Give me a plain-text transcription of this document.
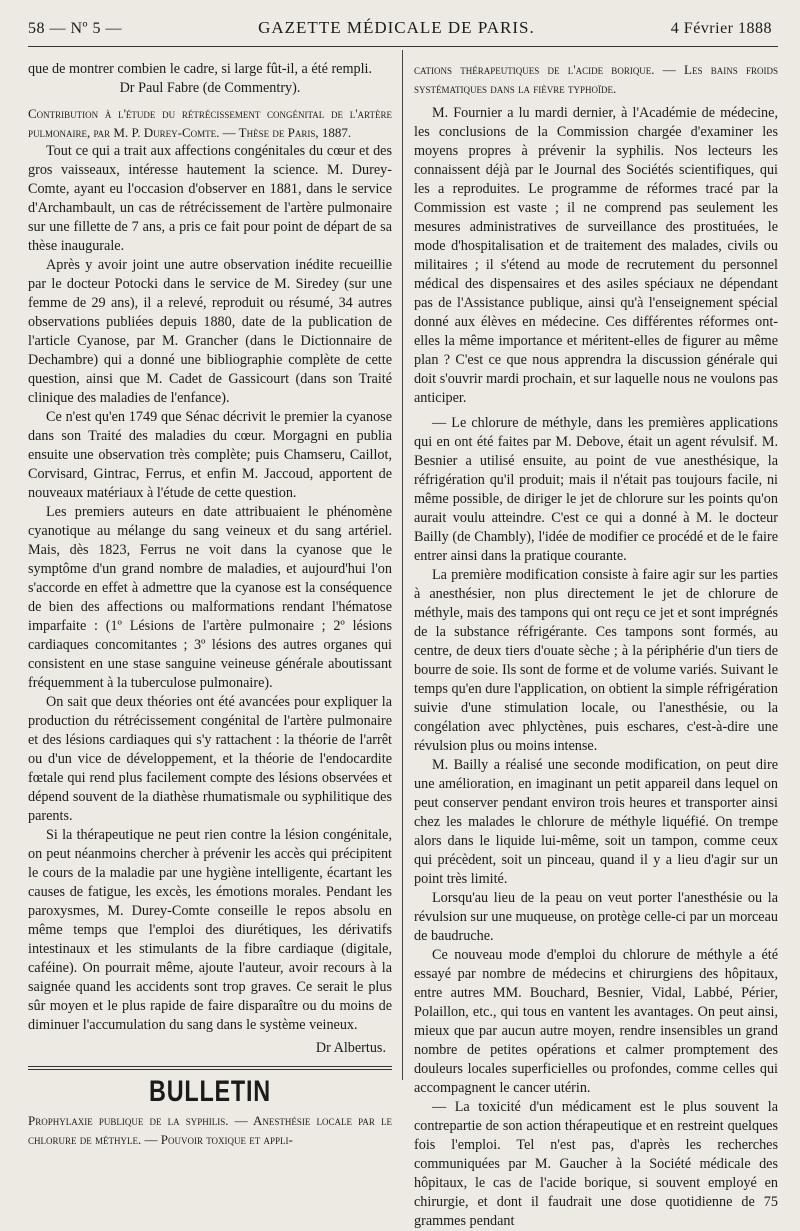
58 — Nº 5 —	GAZETTE MÉDICALE DE PARIS.	4 Février 1888

que de montrer combien le cadre, si large fût-il, a été rempli.

Dr Paul Fabre (de Commentry).

Contribution à l'étude du rétrécissement congénital de l'artère pulmonaire, par M. P. Durey-Comte. — Thèse de Paris, 1887.

Tout ce qui a trait aux affections congénitales du cœur et des gros vaisseaux, intéresse hautement la science. M. Durey-Comte, ayant eu l'occasion d'observer en 1881, dans le service d'Archambault, un cas de rétrécissement de l'artère pulmonaire sur une fillette de 7 ans, a pris ce fait pour point de départ de sa thèse inaugurale.

Après y avoir joint une autre observation inédite recueillie par le docteur Potocki dans le service de M. Siredey (sur une femme de 29 ans), il a relevé, reproduit ou résumé, 34 autres observations publiées depuis 1880, date de la publication de l'article Cyanose, par M. Grancher (dans le Dictionnaire de Dechambre) qui a donné une bibliographie complète de cette question, ainsi que M. Cadet de Gassicourt (dans son Traité clinique des maladies de l'enfance).

Ce n'est qu'en 1749 que Sénac décrivit le premier la cyanose dans son Traité des maladies du cœur. Morgagni en publia ensuite une observation très complète; puis Chamseru, Caillot, Corvisard, Gintrac, Ferrus, et enfin M. Jaccoud, apportent de nouveaux matériaux à l'étude de cette question.

Les premiers auteurs en date attribuaient le phénomène cyanotique au mélange du sang veineux et du sang artériel. Mais, dès 1823, Ferrus ne voit dans la cyanose que le symptôme d'un grand nombre de maladies, et aujourd'hui l'on s'accorde en effet à admettre que la cyanose est la conséquence de bien des affections ou malformations rendant l'hématose imparfaite : (1º Lésions de l'artère pulmonaire ; 2º lésions cardiaques concomitantes ; 3º lésions des autres organes qui consistent en une stase sanguine veineuse générale aboutissant fréquemment à la tuberculose pulmonaire).

On sait que deux théories ont été avancées pour expliquer la production du rétrécissement congénital de l'artère pulmonaire et des lésions cardiaques qui s'y rattachent : la théorie de l'arrêt ou d'un vice de développement, et la théorie de l'endocardite fœtale qui rend plus facilement compte des lésions observées et dépend souvent de la diathèse rhumatismale ou syphilitique des parents.

Si la thérapeutique ne peut rien contre la lésion congénitale, on peut néanmoins chercher à prévenir les accès qui précipitent le cours de la maladie par une hygiène intelligente, écartant les causes de fatigue, les excès, les émotions morales. Pendant les paroxysmes, M. Durey-Comte conseille le repos absolu en même temps que l'emploi des diurétiques, les dérivatifs intestinaux et les stimulants de la fibre cardiaque (digitale, caféine). On pourrait même, ajoute l'auteur, avoir recours à la saignée quand les accidents sont trop graves. Ce serait le plus sûr moyen et le plus rapide de faire disparaître ou du moins de diminuer l'accumulation du sang dans le système veineux.

Dr Albertus.

BULLETIN

Prophylaxie publique de la syphilis. — Anesthésie locale par le chlorure de méthyle. — Pouvoir toxique et appli-

cations thérapeutiques de l'acide borique. — Les bains froids systématiques dans la fièvre typhoïde.

M. Fournier a lu mardi dernier, à l'Académie de médecine, les conclusions de la Commission chargée d'examiner les moyens propres à prévenir la syphilis. Nos lecteurs les connaissent déjà par le Journal des Sociétés scientifiques, qui les a reproduites. Le programme de réformes tracé par la Commission est vaste ; il ne comprend pas seulement les mesures administratives de surveillance des prostituées, le mode d'hospitalisation et de traitement des malades, civils ou militaires ; il s'étend au mode de recrutement du personnel médical des dispensaires et des asiles spéciaux ne dépendant pas de l'Assistance publique, ainsi qu'à l'enseignement spécial donné aux élèves en médecine. Ces différentes réformes ont-elles la même importance et méritent-elles de figurer au même plan ? C'est ce que nous apprendra la discussion générale qui doit s'ouvrir mardi prochain, et sur laquelle nous ne voulons pas anticiper.

— Le chlorure de méthyle, dans les premières applications qui en ont été faites par M. Debove, était un agent révulsif. M. Besnier a utilisé ensuite, au point de vue anesthésique, la réfrigération qu'il produit; mais il n'était pas toujours facile, ni même possible, de diriger le jet de chlorure sur les points qu'on aurait voulu atteindre. C'est ce qui a donné à M. le docteur Bailly (de Chambly), l'idée de modifier ce procédé et de le faire entrer ainsi dans la pratique courante.

La première modification consiste à faire agir sur les parties à anesthésier, non plus directement le jet de chlorure de méthyle, mais des tampons qui ont reçu ce jet et sont imprégnés de la substance réfrigérante. Ces tampons sont formés, au centre, de deux tiers d'ouate sèche ; à la périphérie d'un tiers de bourre de soie. Ils sont de forme et de volume variés. Suivant le temps qu'en dure l'application, on obtient la simple réfrigération suivie d'une stimulation locale, ou l'anesthésie, ou la congélation avec phlyctènes, puis eschares, c'est-à-dire une révulsion plus ou moins intense.

M. Bailly a réalisé une seconde modification, on peut dire une amélioration, en imaginant un petit appareil dans lequel on peut conserver pendant environ trois heures et transporter ainsi chez les malades le chlorure de méthyle liquéfié. On trempe alors dans le liquide lui-même, soit un tampon, comme ceux qui précèdent, soit un pinceau, quand il y a lieu d'agir sur un point très limité.

Lorsqu'au lieu de la peau on veut porter l'anesthésie ou la révulsion sur une muqueuse, on protège celle-ci par un morceau de baudruche.

Ce nouveau mode d'emploi du chlorure de méthyle a été essayé par nombre de médecins et chirurgiens des hôpitaux, entre autres MM. Bouchard, Besnier, Vidal, Labbé, Périer, Polaillon, etc., qui tous en vantent les avantages. On peut ainsi, mieux que par aucun autre moyen, rendre insensibles un grand nombre de petites opérations et calmer promptement des douleurs locales superficielles ou profondes, comme celles qui accompagnent le cancer utérin.

— La toxicité d'un médicament est le plus souvent la contrepartie de son action thérapeutique et en restreint quelques fois l'emploi. Tel n'est pas, d'après les recherches communiquées par M. Gaucher à la Société médicale des hôpitaux, le cas de l'acide borique, si souvent employé en chirurgie, et dont il faudrait une dose quotidienne de 75 grammes pendant
